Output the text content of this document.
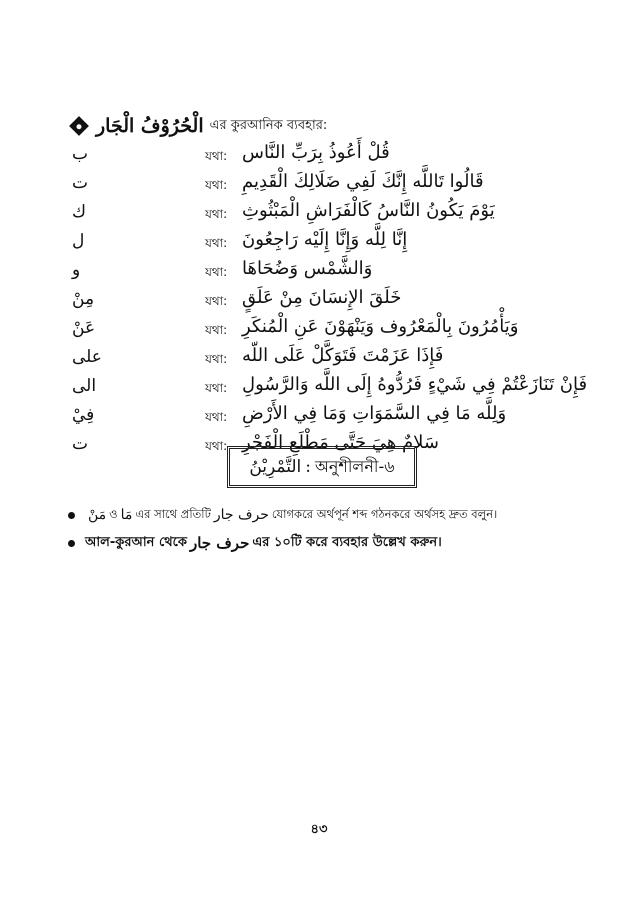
الْحُرُوْفُ الْجَار এর কুরআনিক ব্যবহার:
ب	যথা: قُلْ أَعُوذُ بِرَبِّ النَّاس
ت	যথা: قَالُوا تَاللَّه إِنَّكَ لَفِي ضَلَالِكَ الْقَدِيمِ
ك	যথা: يَوْمَ يَكُونُ النَّاسُ كَالْفَرَاشِ الْمَبْثُوثِ
ل	যথা: إِنَّا لِلَّه وَإِنَّا إِلَيْه رَاجِعُونَ
و	যথা: وَالشَّمْس وَضُحَاهَا
مِنْ	যথা: خَلَقَ الإِنسَانَ مِنْ عَلَقٍ
عَنْ	যথা: وَيَأْمُرُونَ بِالْمَعْرُوف وَيَنْهَوْنَ عَنِ الْمُنكَرِ
على	যথা: فَإِذَا عَزَمْتَ فَتَوَكَّلْ عَلَى اللّه
الى	যথা: فَإِنْ تَنَازَعْتُمْ فِي شَيْءٍ فَرُدُّوهُ إِلَى اللَّه وَالرَّسُولِ
فِيْ	যথা: وَلِلَّه مَا فِي السَّمَوَاتِ وَمَا فِي الأَرْضِ
ت	যথা: سَلامٌ هِيَ حَتَّى مَطْلَعِ الْفَجْرِ
التَّمْرِيْنُ : অনুশীলনী-৬
مَنْ ও مَا এর সাথে প্রতিটি حرف جار যোগকরে অর্থপূর্ন শব্দ গঠনকরে অর্থসহ দ্রুত বলুন।
আল-কুরআন থেকে حرف جار এর ১০টি করে ব্যবহার উল্লেখ করুন।
৪৩
